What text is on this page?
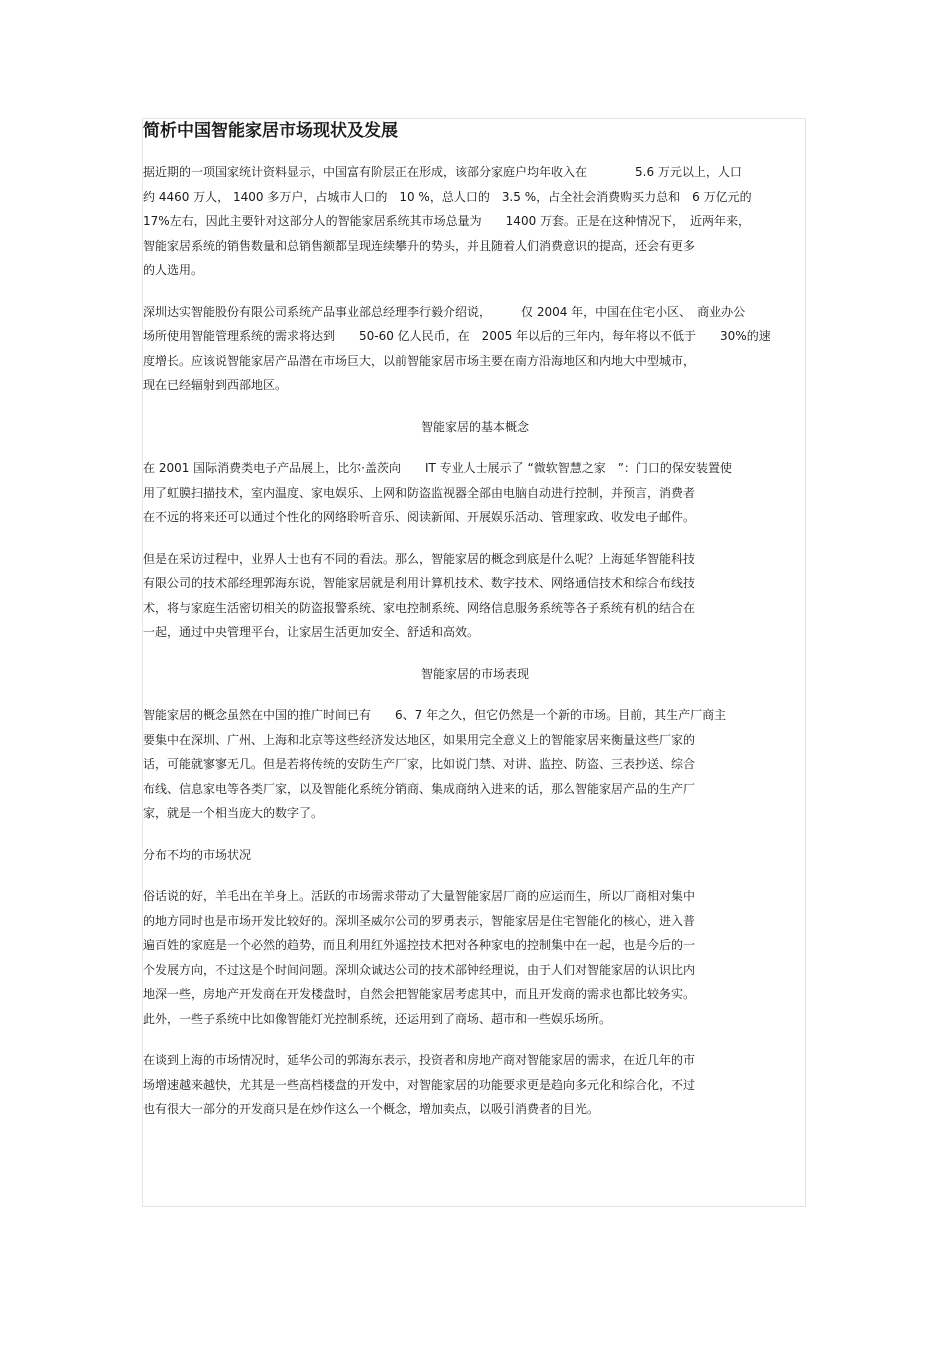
简析中国智能家居市场现状及发展
据近期的一项国家统计资料显示，中国富有阶层正在形成，该部分家庭户均年收入在　　　　5.6 万元以上，人口
约 4460 万人， 1400 多万户，占城市人口的　10 %，总人口的　3.5 %，占全社会消费购买力总和　6 万亿元的
17%左右，因此主要针对这部分人的智能家居系统其市场总量为　　1400 万套。正是在这种情况下，　近两年来，
智能家居系统的销售数量和总销售额都呈现连续攀升的势头，并且随着人们消费意识的提高，还会有更多
的人选用。
深圳达实智能股份有限公司系统产品事业部总经理李行毅介绍说，　　　仅 2004 年，中国在住宅小区、　商业办公
场所使用智能管理系统的需求将达到　　50-60 亿人民币，在　2005 年以后的三年内，每年将以不低于　　30%的速
度增长。应该说智能家居产品潜在市场巨大，以前智能家居市场主要在南方沿海地区和内地大中型城市，
现在已经辐射到西部地区。
智能家居的基本概念
在 2001 国际消费类电子产品展上，比尔·盖茨向　　IT 专业人士展示了 “微软智慧之家　”：门口的保安装置使
用了虹膜扫描技术，室内温度、家电娱乐、上网和防盗监视器全部由电脑自动进行控制，并预言，消费者
在不远的将来还可以通过个性化的网络聆听音乐、阅读新闻、开展娱乐活动、管理家政、收发电子邮件。
但是在采访过程中，业界人士也有不同的看法。那么，智能家居的概念到底是什么呢？上海延华智能科技
有限公司的技术部经理郭海东说，智能家居就是利用计算机技术、数字技术、网络通信技术和综合布线技
术，将与家庭生活密切相关的防盗报警系统、家电控制系统、网络信息服务系统等各子系统有机的结合在
一起，通过中央管理平台，让家居生活更加安全、舒适和高效。
智能家居的市场表现
智能家居的概念虽然在中国的推广时间已有　　6、7 年之久，但它仍然是一个新的市场。目前，其生产厂商主
要集中在深圳、广州、上海和北京等这些经济发达地区，如果用完全意义上的智能家居来衡量这些厂家的
话，可能就寥寥无几。但是若将传统的安防生产厂家，比如说门禁、对讲、监控、防盗、三表抄送、综合
布线、信息家电等各类厂家，以及智能化系统分销商、集成商纳入进来的话，那么智能家居产品的生产厂
家，就是一个相当庞大的数字了。
分布不均的市场状况
俗话说的好，羊毛出在羊身上。活跃的市场需求带动了大量智能家居厂商的应运而生，所以厂商相对集中
的地方同时也是市场开发比较好的。深圳圣威尔公司的罗勇表示，智能家居是住宅智能化的核心，进入普
遍百姓的家庭是一个必然的趋势，而且利用红外遥控技术把对各种家电的控制集中在一起，也是今后的一
个发展方向，不过这是个时间问题。深圳众诚达公司的技术部钟经理说，由于人们对智能家居的认识比内
地深一些，房地产开发商在开发楼盘时，自然会把智能家居考虑其中，而且开发商的需求也都比较务实。
此外，一些子系统中比如像智能灯光控制系统，还运用到了商场、超市和一些娱乐场所。
在谈到上海的市场情况时，延华公司的郭海东表示，投资者和房地产商对智能家居的需求，在近几年的市
场增速越来越快，尤其是一些高档楼盘的开发中，对智能家居的功能要求更是趋向多元化和综合化，不过
也有很大一部分的开发商只是在炒作这么一个概念，增加卖点，以吸引消费者的目光。
